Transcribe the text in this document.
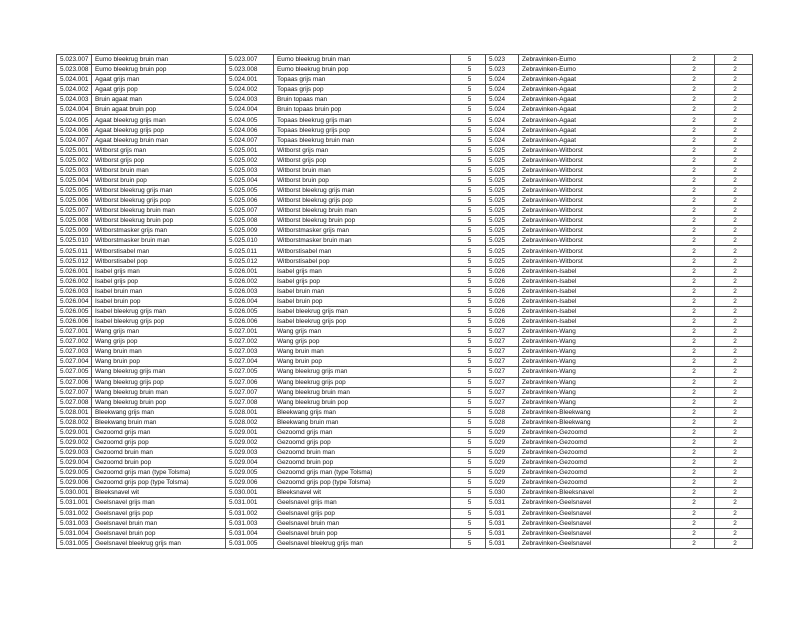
5.023.007	Eumo bleekrug bruin man	5.023.007	Eumo bleekrug bruin man	5	5.023	Zebravinken-Eumo	2	2
5.023.008	Eumo bleekrug bruin pop	5.023.008	Eumo bleekrug bruin pop	5	5.023	Zebravinken-Eumo	2	2
5.024.001	Agaat grijs man	5.024.001	Topaas grijs man	5	5.024	Zebravinken-Agaat	2	2
5.024.002	Agaat grijs pop	5.024.002	Topaas grijs pop	5	5.024	Zebravinken-Agaat	2	2
5.024.003	Bruin agaat man	5.024.003	Bruin topaas man	5	5.024	Zebravinken-Agaat	2	2
5.024.004	Bruin agaat bruin pop	5.024.004	Bruin topaas bruin pop	5	5.024	Zebravinken-Agaat	2	2
5.024.005	Agaat bleekrug grijs man	5.024.005	Topaas bleekrug grijs man	5	5.024	Zebravinken-Agaat	2	2
5.024.006	Agaat bleekrug grijs pop	5.024.006	Topaas bleekrug grijs pop	5	5.024	Zebravinken-Agaat	2	2
5.024.007	Agaat bleekrug bruin man	5.024.007	Topaas bleekrug bruin man	5	5.024	Zebravinken-Agaat	2	2
5.025.001	Witborst grijs man	5.025.001	Witborst grijs man	5	5.025	Zebravinken-Witborst	2	2
5.025.002	Witborst grijs pop	5.025.002	Witborst grijs pop	5	5.025	Zebravinken-Witborst	2	2
5.025.003	Witborst bruin man	5.025.003	Witborst bruin man	5	5.025	Zebravinken-Witborst	2	2
5.025.004	Witborst bruin pop	5.025.004	Witborst bruin pop	5	5.025	Zebravinken-Witborst	2	2
5.025.005	Witborst bleekrug grijs man	5.025.005	Witborst bleekrug grijs man	5	5.025	Zebravinken-Witborst	2	2
5.025.006	Witborst bleekrug grijs pop	5.025.006	Witborst bleekrug grijs pop	5	5.025	Zebravinken-Witborst	2	2
5.025.007	Witborst bleekrug bruin man	5.025.007	Witborst bleekrug bruin man	5	5.025	Zebravinken-Witborst	2	2
5.025.008	Witborst bleekrug bruin pop	5.025.008	Witborst bleekrug bruin pop	5	5.025	Zebravinken-Witborst	2	2
5.025.009	Witborstmasker grijs man	5.025.009	Witborstmasker grijs man	5	5.025	Zebravinken-Witborst	2	2
5.025.010	Witborstmasker bruin man	5.025.010	Witborstmasker bruin man	5	5.025	Zebravinken-Witborst	2	2
5.025.011	Witborstisabel man	5.025.011	Witborstisabel man	5	5.025	Zebravinken-Witborst	2	2
5.025.012	Witborstisabel pop	5.025.012	Witborstisabel pop	5	5.025	Zebravinken-Witborst	2	2
5.026.001	Isabel grijs man	5.026.001	Isabel grijs man	5	5.026	Zebravinken-Isabel	2	2
5.026.002	Isabel grijs pop	5.026.002	Isabel grijs pop	5	5.026	Zebravinken-Isabel	2	2
5.026.003	Isabel bruin man	5.026.003	Isabel bruin man	5	5.026	Zebravinken-Isabel	2	2
5.026.004	Isabel bruin pop	5.026.004	Isabel bruin pop	5	5.026	Zebravinken-Isabel	2	2
5.026.005	Isabel bleekrug grijs man	5.026.005	Isabel bleekrug grijs man	5	5.026	Zebravinken-Isabel	2	2
5.026.006	Isabel bleekrug grijs pop	5.026.006	Isabel bleekrug grijs pop	5	5.026	Zebravinken-Isabel	2	2
5.027.001	Wang grijs man	5.027.001	Wang grijs man	5	5.027	Zebravinken-Wang	2	2
5.027.002	Wang grijs pop	5.027.002	Wang grijs pop	5	5.027	Zebravinken-Wang	2	2
5.027.003	Wang bruin man	5.027.003	Wang bruin man	5	5.027	Zebravinken-Wang	2	2
5.027.004	Wang bruin pop	5.027.004	Wang bruin pop	5	5.027	Zebravinken-Wang	2	2
5.027.005	Wang bleekrug grijs man	5.027.005	Wang bleekrug grijs man	5	5.027	Zebravinken-Wang	2	2
5.027.006	Wang bleekrug grijs pop	5.027.006	Wang bleekrug grijs pop	5	5.027	Zebravinken-Wang	2	2
5.027.007	Wang bleekrug bruin man	5.027.007	Wang bleekrug bruin man	5	5.027	Zebravinken-Wang	2	2
5.027.008	Wang bleekrug bruin pop	5.027.008	Wang bleekrug bruin pop	5	5.027	Zebravinken-Wang	2	2
5.028.001	Bleekwang grijs man	5.028.001	Bleekwang grijs man	5	5.028	Zebravinken-Bleekwang	2	2
5.028.002	Bleekwang bruin man	5.028.002	Bleekwang bruin man	5	5.028	Zebravinken-Bleekwang	2	2
5.029.001	Gezoomd grijs man	5.029.001	Gezoomd grijs man	5	5.029	Zebravinken-Gezoomd	2	2
5.029.002	Gezoomd grijs pop	5.029.002	Gezoomd grijs pop	5	5.029	Zebravinken-Gezoomd	2	2
5.029.003	Gezoomd bruin man	5.029.003	Gezoomd bruin man	5	5.029	Zebravinken-Gezoomd	2	2
5.029.004	Gezoomd bruin pop	5.029.004	Gezoomd bruin pop	5	5.029	Zebravinken-Gezoomd	2	2
5.029.005	Gezoomd grijs man (type Tolsma)	5.029.005	Gezoomd grijs man (type Tolsma)	5	5.029	Zebravinken-Gezoomd	2	2
5.029.006	Gezoomd grijs pop (type Tolsma)	5.029.006	Gezoomd grijs pop (type Tolsma)	5	5.029	Zebravinken-Gezoomd	2	2
5.030.001	Bleeksnavel wit	5.030.001	Bleeksnavel wit	5	5.030	Zebravinken-Bleeksnavel	2	2
5.031.001	Geelsnavel grijs man	5.031.001	Geelsnavel grijs man	5	5.031	Zebravinken-Geelsnavel	2	2
5.031.002	Geelsnavel grijs pop	5.031.002	Geelsnavel grijs pop	5	5.031	Zebravinken-Geelsnavel	2	2
5.031.003	Geelsnavel bruin man	5.031.003	Geelsnavel bruin man	5	5.031	Zebravinken-Geelsnavel	2	2
5.031.004	Geelsnavel bruin pop	5.031.004	Geelsnavel bruin pop	5	5.031	Zebravinken-Geelsnavel	2	2
5.031.005	Geelsnavel bleekrug grijs man	5.031.005	Geelsnavel bleekrug grijs man	5	5.031	Zebravinken-Geelsnavel	2	2
